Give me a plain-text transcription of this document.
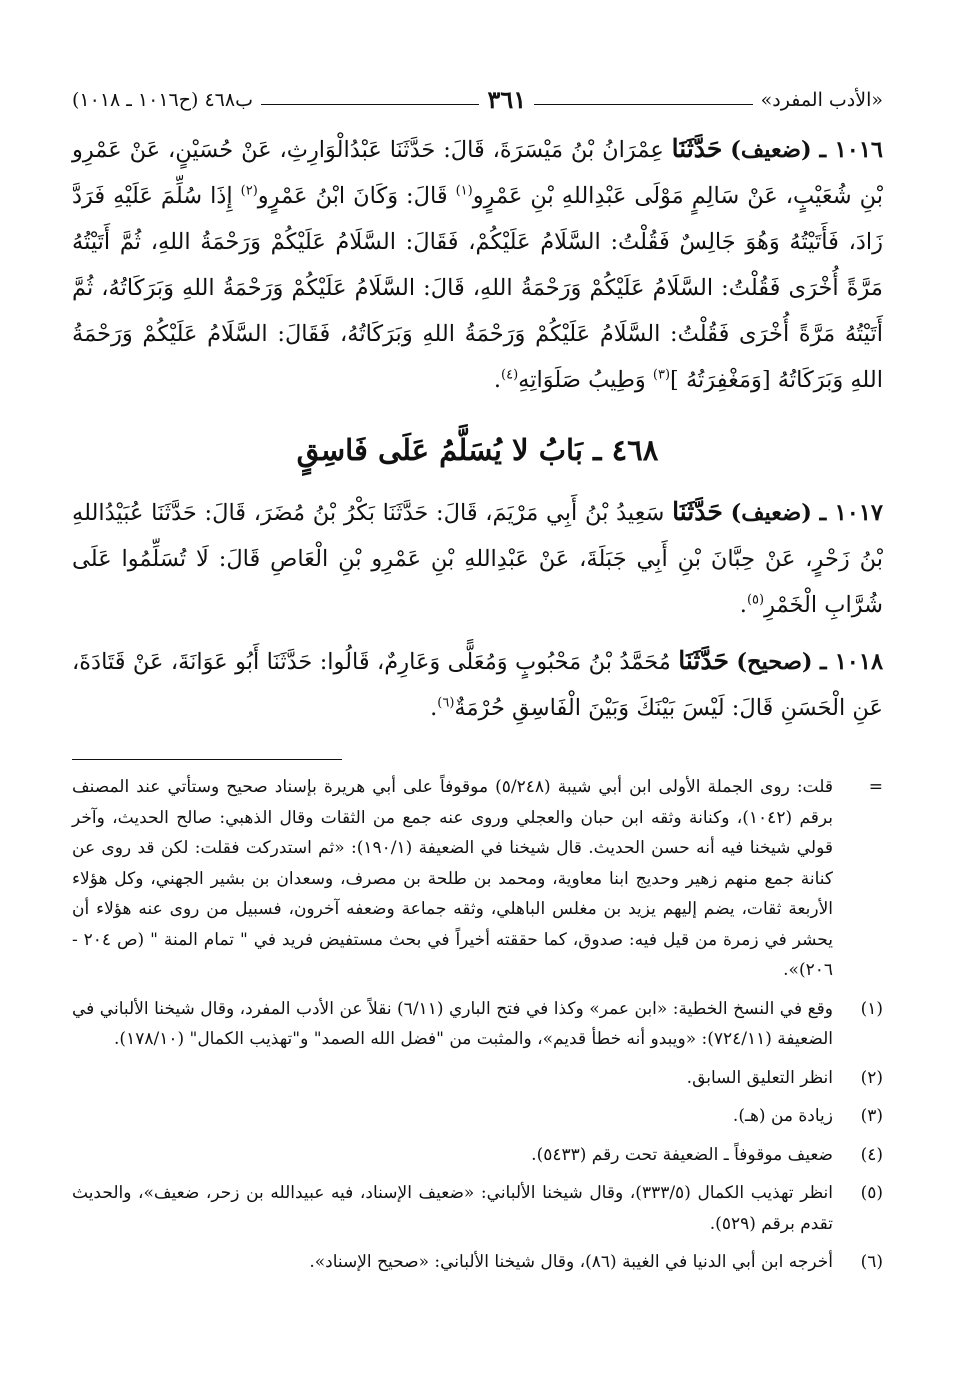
«الأدب المفرد»
٣٦١
ب٤٦٨ (ح١٠١٦ ـ ١٠١٨)

١٠١٦ ـ (ضعيف) حَدَّثَنَا عِمْرَانُ بْنُ مَيْسَرَةَ، قَالَ: حَدَّثَنَا عَبْدُالْوَارِثِ، عَنْ حُسَيْنٍ، عَنْ عَمْرِو بْنِ شُعَيْبٍ، عَنْ سَالِمٍ مَوْلَى عَبْدِاللهِ بْنِ عَمْرٍو$^{(١)}$ قَالَ: وَكَانَ ابْنُ عَمْرٍو$^{(٢)}$ إِذَا سُلِّمَ عَلَيْهِ فَرَدَّ زَادَ، فَأَتَيْتُهُ وَهُوَ جَالِسٌ فَقُلْتُ: السَّلَامُ عَلَيْكُمْ، فَقَالَ: السَّلَامُ عَلَيْكُمْ وَرَحْمَةُ اللهِ، ثُمَّ أَتَيْتُهُ مَرَّةً أُخْرَى فَقُلْتُ: السَّلَامُ عَلَيْكُمْ وَرَحْمَةُ اللهِ، قَالَ: السَّلَامُ عَلَيْكُمْ وَرَحْمَةُ اللهِ وَبَرَكَاتُهُ، ثُمَّ أَتَيْتُهُ مَرَّةً أُخْرَى فَقُلْتُ: السَّلَامُ عَلَيْكُمْ وَرَحْمَةُ اللهِ وَبَرَكَاتُهُ، فَقَالَ: السَّلَامُ عَلَيْكُمْ وَرَحْمَةُ اللهِ وَبَرَكَاتُهُ [وَمَغْفِرَتُهُ ]$^{(٣)}$ وَطِيبُ صَلَوَاتِهِ$^{(٤)}$.

٤٦٨ ـ بَابُ لا يُسَلَّمُ عَلَى فَاسِقٍ

١٠١٧ ـ (ضعيف) حَدَّثَنَا سَعِيدُ بْنُ أَبِي مَرْيَمَ، قَالَ: حَدَّثَنَا بَكْرُ بْنُ مُضَرَ، قَالَ: حَدَّثَنَا عُبَيْدُاللهِ بْنُ زَحْرٍ، عَنْ حِبَّانَ بْنِ أَبِي جَبَلَةَ، عَنْ عَبْدِاللهِ بْنِ عَمْرِو بْنِ الْعَاصِ قَالَ: لَا تُسَلِّمُوا عَلَى شُرَّابِ الْخَمْرِ$^{(٥)}$.

١٠١٨ ـ (صحيح) حَدَّثَنَا مُحَمَّدُ بْنُ مَحْبُوبٍ وَمُعَلًّى وَعَارِمٌ، قَالُوا: حَدَّثَنَا أَبُو عَوَانَةَ، عَنْ قَتَادَةَ، عَنِ الْحَسَنِ قَالَ: لَيْسَ بَيْنَكَ وَبَيْنَ الْفَاسِقِ حُرْمَةٌ$^{(٦)}$.

=
قلت: روى الجملة الأولى ابن أبي شيبة (٥/٢٤٨) موقوفاً على أبي هريرة بإسناد صحيح وستأتي عند المصنف برقم (١٠٤٢)، وكنانة وثقه ابن حبان والعجلي وروى عنه جمع من الثقات وقال الذهبي: صالح الحديث، وآخر قولي شيخنا فيه أنه حسن الحديث. قال شيخنا في الضعيفة (١٩٠/١): «ثم استدركت فقلت: لكن قد روى عن كنانة جمع منهم زهير وحديج ابنا معاوية، ومحمد بن طلحة بن مصرف، وسعدان بن بشير الجهني، وكل هؤلاء الأربعة ثقات، يضم إليهم يزيد بن مغلس الباهلي، وثقه جماعة وضعفه آخرون، فسبيل من روى عنه هؤلاء أن يحشر في زمرة من قيل فيه: صدوق، كما حققته أخيراً في بحث مستفيض فريد في " تمام المنة " (ص ٢٠٤ - ٢٠٦)».
(١)
وقع في النسخ الخطية: «ابن عمر» وكذا في فتح الباري (٦/١١) نقلاً عن الأدب المفرد، وقال شيخنا الألباني في الضعيفة (٧٢٤/١١): «ويبدو أنه خطأ قديم»، والمثبت من "فضل الله الصمد" و"تهذيب الكمال" (١٧٨/١٠).
(٢)
انظر التعليق السابق.
(٣)
زيادة من (هـ).
(٤)
ضعيف موقوفاً ـ الضعيفة تحت رقم (٥٤٣٣).
(٥)
انظر تهذيب الكمال (٣٣٣/٥)، وقال شيخنا الألباني: «ضعيف الإسناد، فيه عبيدالله بن زحر، ضعيف»، والحديث تقدم برقم (٥٢٩).
(٦)
أخرجه ابن أبي الدنيا في الغيبة (٨٦)، وقال شيخنا الألباني: «صحيح الإسناد».
